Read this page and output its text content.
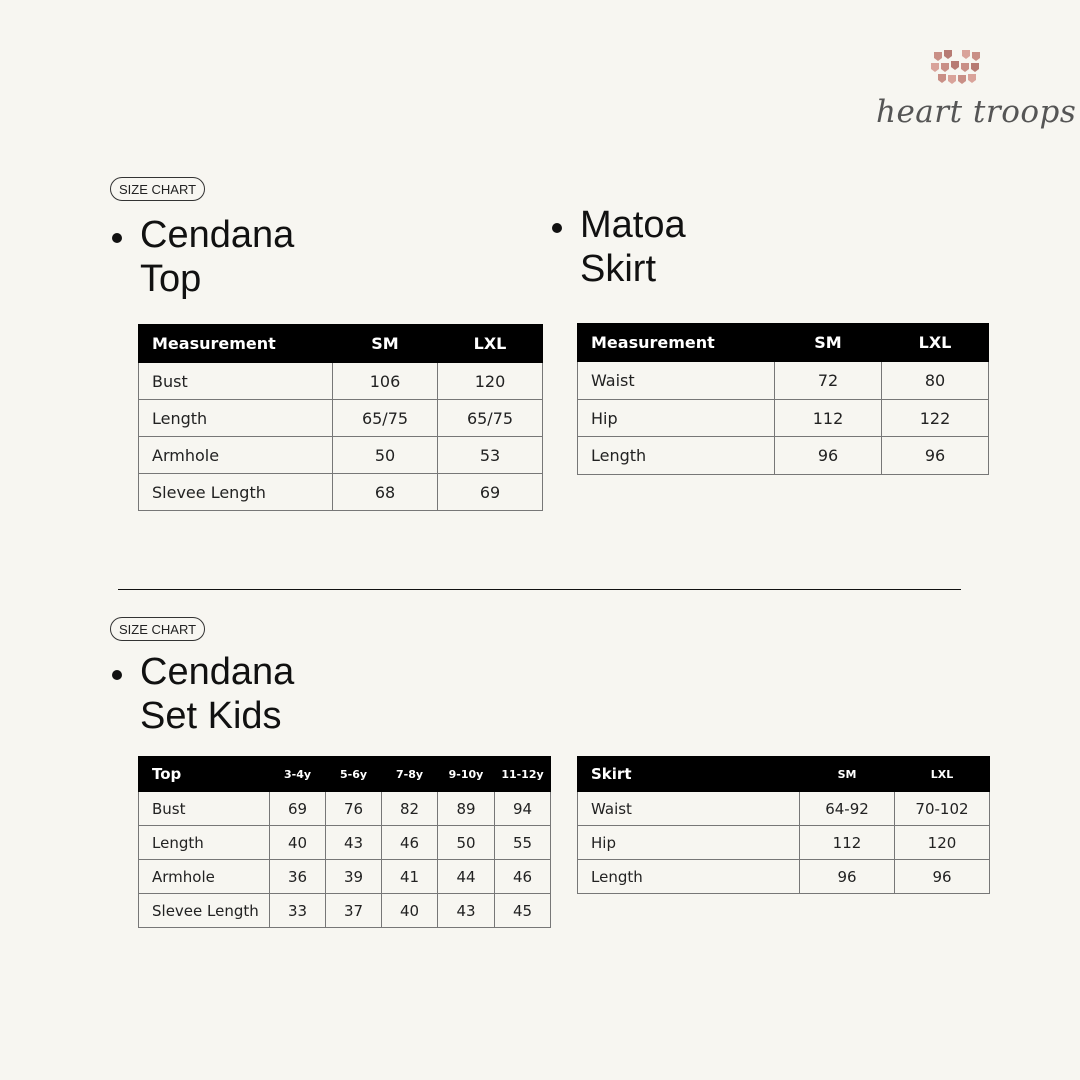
heart troops
SIZE CHART
Cendana
Top
Matoa
Skirt
Measurement	SM	LXL
Bust	106	120
Length	65/75	65/75
Armhole	50	53
Slevee Length	68	69
Measurement	SM	LXL
Waist	72	80
Hip	112	122
Length	96	96
SIZE CHART
Cendana
Set Kids
Top	3-4y	5-6y	7-8y	9-10y	11-12y
Bust	69	76	82	89	94
Length	40	43	46	50	55
Armhole	36	39	41	44	46
Slevee Length	33	37	40	43	45
Skirt	SM	LXL
Waist	64-92	70-102
Hip	112	120
Length	96	96
